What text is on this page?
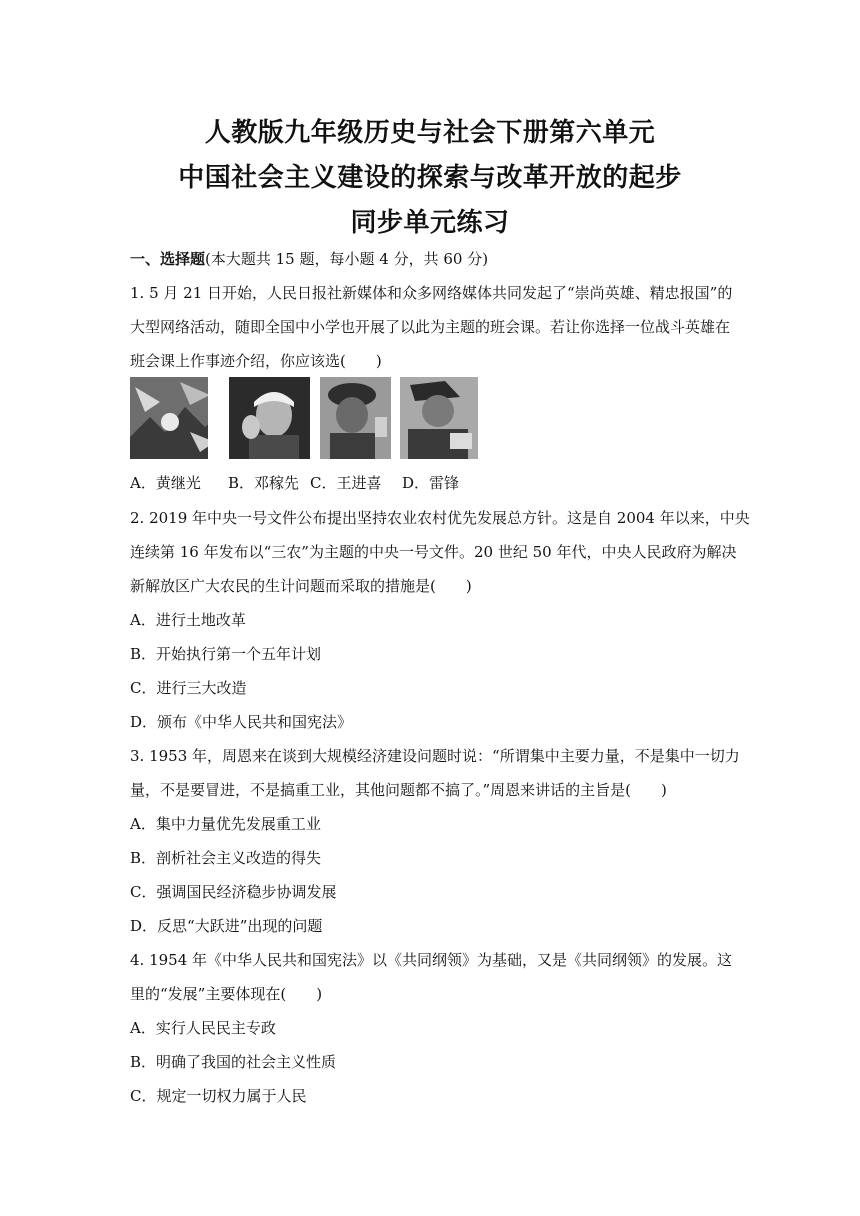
人教版九年级历史与社会下册第六单元
中国社会主义建设的探索与改革开放的起步
同步单元练习
一、选择题(本大题共 15 题，每小题 4 分，共 60 分)
1. 5 月 21 日开始，人民日报社新媒体和众多网络媒体共同发起了“崇尚英雄、精忠报国”的
大型网络活动，随即全国中小学也开展了以此为主题的班会课。若让你选择一位战斗英雄在
班会课上作事迹介绍，你应该选(　　)
A．黄继光 B．邓稼先 C．王进喜 D．雷锋
2. 2019 年中央一号文件公布提出坚持农业农村优先发展总方针。这是自 2004 年以来，中央
连续第 16 年发布以“三农”为主题的中央一号文件。20 世纪 50 年代，中央人民政府为解决
新解放区广大农民的生计问题而采取的措施是(　　)
A．进行土地改革
B．开始执行第一个五年计划
C．进行三大改造
D．颁布《中华人民共和国宪法》
3. 1953 年，周恩来在谈到大规模经济建设问题时说：“所谓集中主要力量，不是集中一切力
量，不是要冒进，不是搞重工业，其他问题都不搞了。”周恩来讲话的主旨是(　　)
A．集中力量优先发展重工业
B．剖析社会主义改造的得失
C．强调国民经济稳步协调发展
D．反思“大跃进”出现的问题
4. 1954 年《中华人民共和国宪法》以《共同纲领》为基础，又是《共同纲领》的发展。这
里的“发展”主要体现在(　　)
A．实行人民民主专政
B．明确了我国的社会主义性质
C．规定一切权力属于人民
